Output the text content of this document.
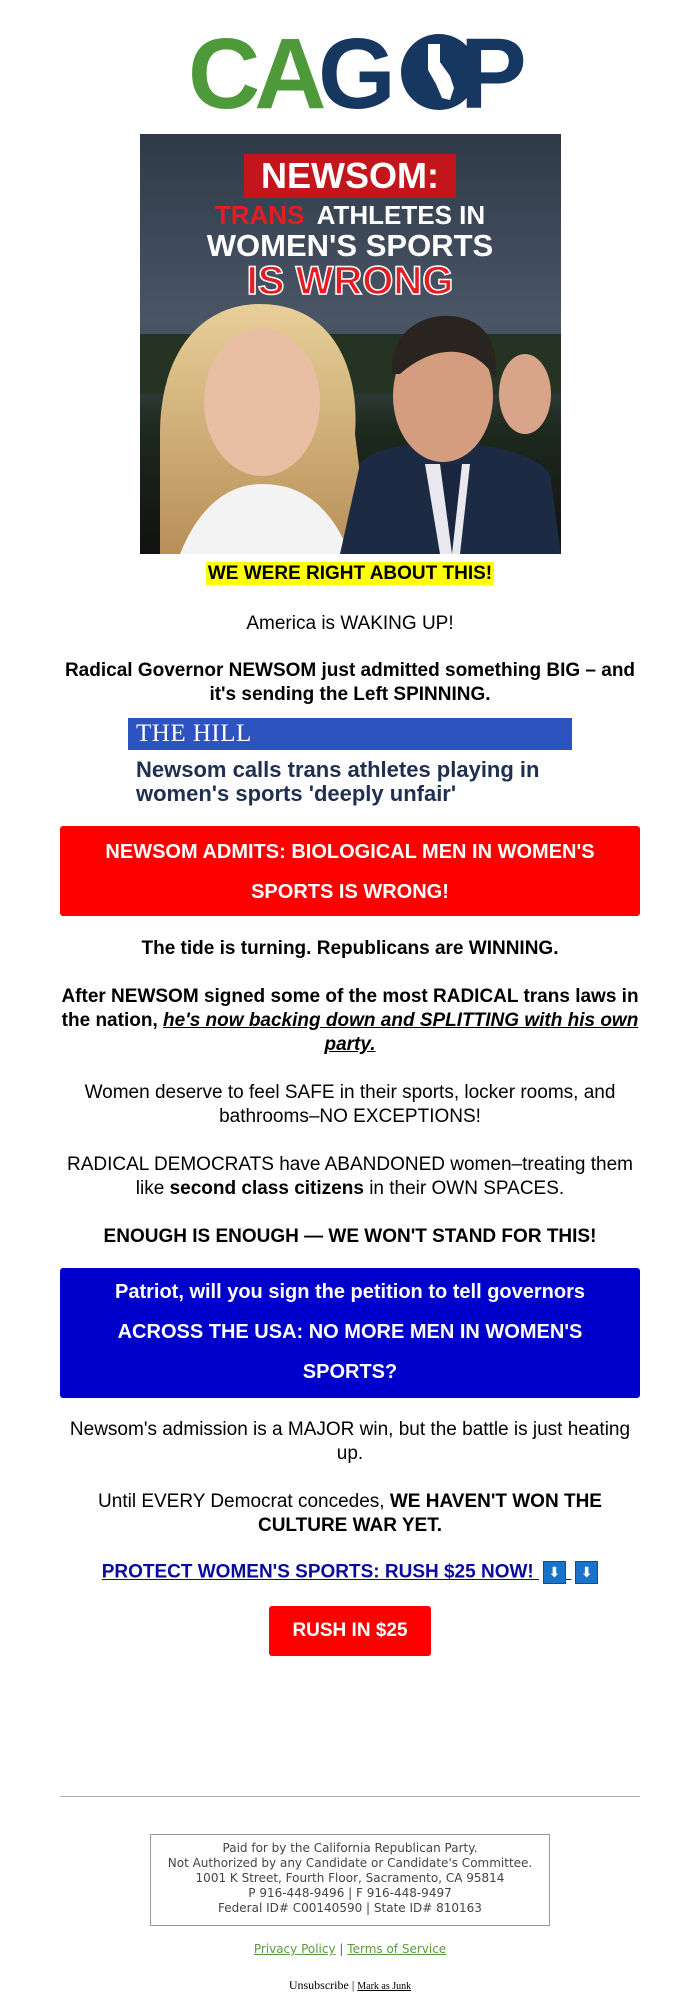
CA
G P
NEWSOM:
TRANS ATHLETES IN
WOMEN'S SPORTS
IS WRONG
WE WERE RIGHT ABOUT THIS!
America is WAKING UP!
Radical Governor NEWSOM just admitted something BIG – and it's sending the Left SPINNING.
THE HILL
Newsom calls trans athletes playing in women's sports 'deeply unfair'
NEWSOM ADMITS: BIOLOGICAL MEN IN WOMEN'S SPORTS IS WRONG!
The tide is turning. Republicans are WINNING.
After NEWSOM signed some of the most RADICAL trans laws in the nation, he's now backing down and SPLITTING with his own party.
Women deserve to feel SAFE in their sports, locker rooms, and bathrooms–NO EXCEPTIONS!
RADICAL DEMOCRATS have ABANDONED women–treating them like second class citizens in their OWN SPACES.
ENOUGH IS ENOUGH — WE WON'T STAND FOR THIS!
Patriot, will you sign the petition to tell governors ACROSS THE USA: NO MORE MEN IN WOMEN'S SPORTS?
Newsom's admission is a MAJOR win, but the battle is just heating up.
Until EVERY Democrat concedes, WE HAVEN'T WON THE CULTURE WAR YET.
PROTECT WOMEN'S SPORTS: RUSH $25 NOW! ⬇ ⬇
RUSH IN $25
Paid for by the California Republican Party.
Not Authorized by any Candidate or Candidate's Committee.
1001 K Street, Fourth Floor, Sacramento, CA 95814
P 916-448-9496 | F 916-448-9497
Federal ID# C00140590 | State ID# 810163
Privacy Policy | Terms of Service
Unsubscribe | Mark as Junk
